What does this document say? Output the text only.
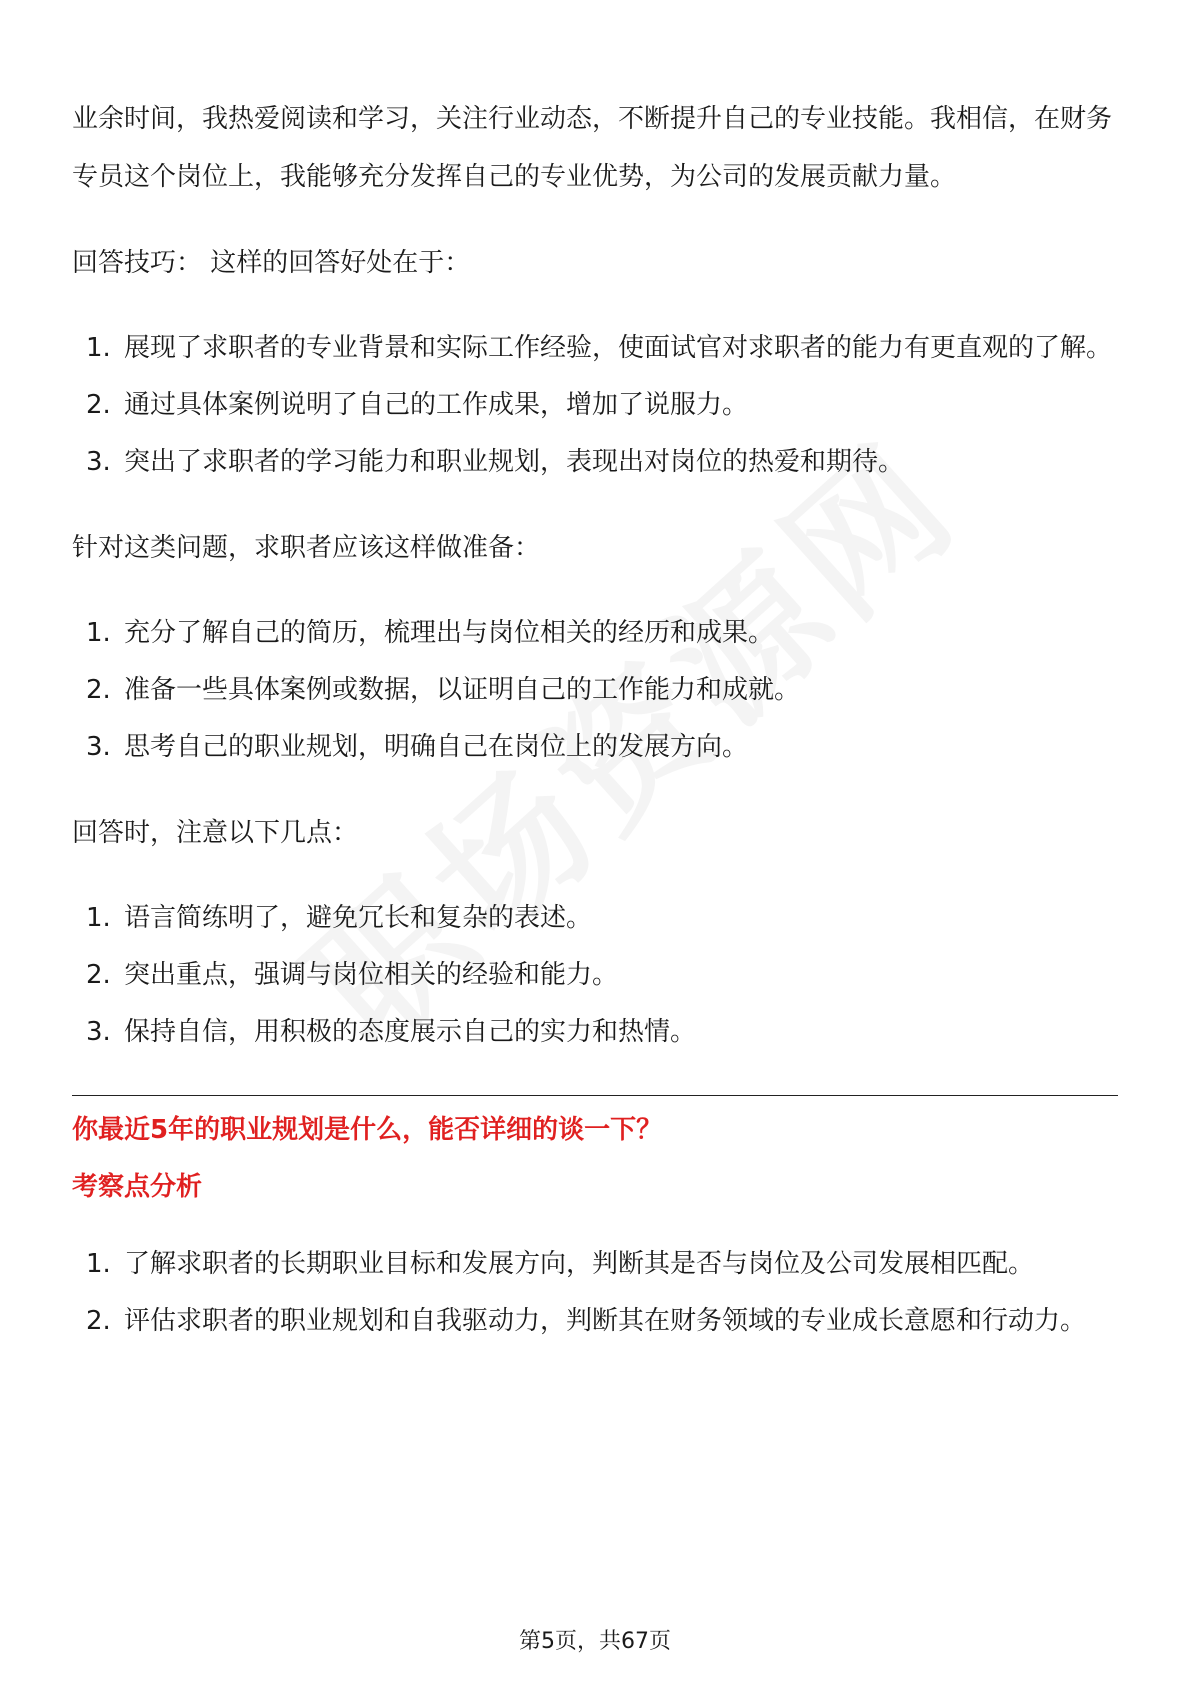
业余时间，我热爱阅读和学习，关注行业动态，不断提升自己的专业技能。我相信，在财务专员这个岗位上，我能够充分发挥自己的专业优势，为公司的发展贡献力量。

回答技巧： 这样的回答好处在于：

1. 展现了求职者的专业背景和实际工作经验，使面试官对求职者的能力有更直观的了解。
2. 通过具体案例说明了自己的工作成果，增加了说服力。
3. 突出了求职者的学习能力和职业规划，表现出对岗位的热爱和期待。

针对这类问题，求职者应该这样做准备：

1. 充分了解自己的简历，梳理出与岗位相关的经历和成果。
2. 准备一些具体案例或数据，以证明自己的工作能力和成就。
3. 思考自己的职业规划，明确自己在岗位上的发展方向。

回答时，注意以下几点：

1. 语言简练明了，避免冗长和复杂的表述。
2. 突出重点，强调与岗位相关的经验和能力。
3. 保持自信，用积极的态度展示自己的实力和热情。

你最近5年的职业规划是什么，能否详细的谈一下？

考察点分析

1. 了解求职者的长期职业目标和发展方向，判断其是否与岗位及公司发展相匹配。
2. 评估求职者的职业规划和自我驱动力，判断其在财务领域的专业成长意愿和行动力。
第5页，共67页
